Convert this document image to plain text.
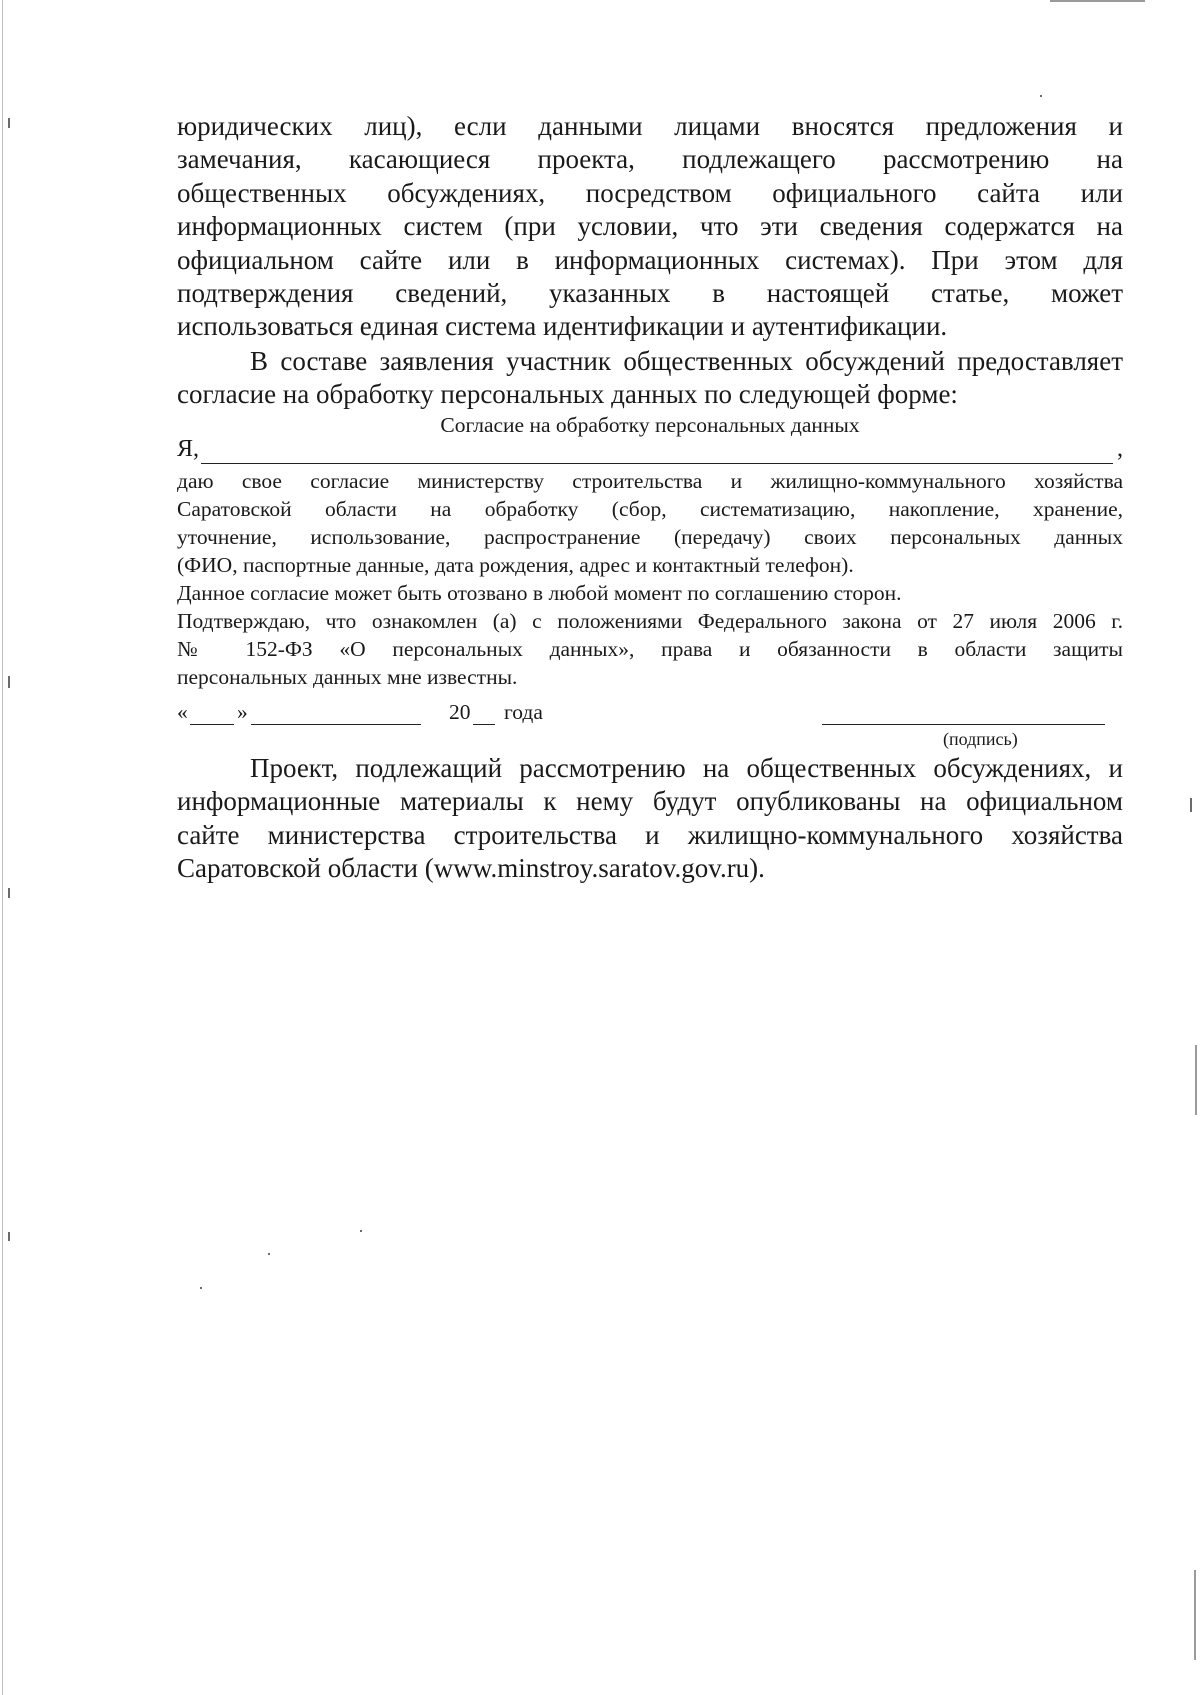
юридических лиц), если данными лицами вносятся предложения и
замечания, касающиеся проекта, подлежащего рассмотрению на
общественных обсуждениях, посредством официального сайта или
информационных систем (при условии, что эти сведения содержатся на
официальном сайте или в информационных системах). При этом для
подтверждения сведений, указанных в настоящей статье, может
использоваться единая система идентификации и аутентификации.
В составе заявления участник общественных обсуждений предоставляет
согласие на обработку персональных данных по следующей форме:
Согласие на обработку персональных данных
Я,	,
даю свое согласие министерству строительства и жилищно-коммунального хозяйства
Саратовской области на обработку (сбор, систематизацию, накопление, хранение,
уточнение, использование, распространение (передачу) своих персональных данных
(ФИО, паспортные данные, дата рождения, адрес и контактный телефон).
Данное согласие может быть отозвано в любой момент по соглашению сторон.
Подтверждаю, что ознакомлен (а) с положениями Федерального закона от 27 июля 2006 г.
№ 152-ФЗ «О персональных данных», права и обязанности в области защиты
персональных данных мне известны.
« »	20 года
(подпись)
Проект, подлежащий рассмотрению на общественных обсуждениях, и
информационные материалы к нему будут опубликованы на официальном
сайте министерства строительства и жилищно-коммунального хозяйства
Саратовской области (www.minstroy.saratov.gov.ru).
